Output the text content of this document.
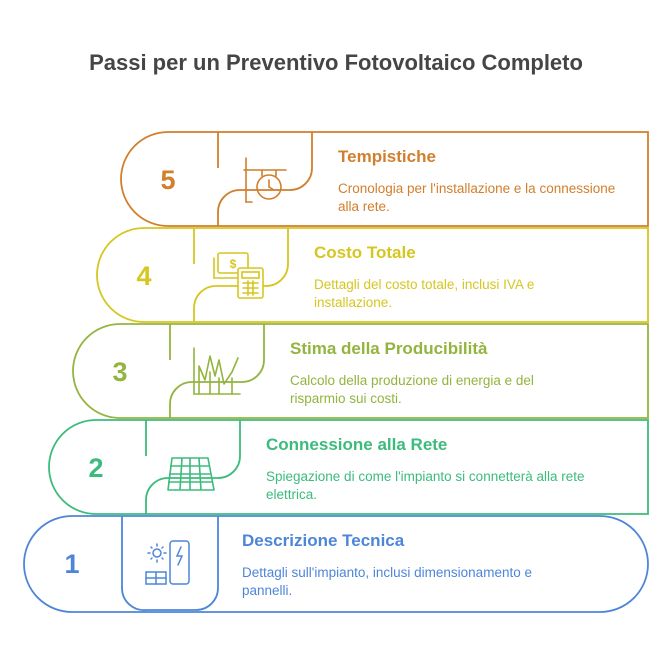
Passi per un Preventivo Fotovoltaico Completo
$
5
Tempistiche
Cronologia per l'installazione e la connessione alla rete.
4
Costo Totale
Dettagli del costo totale, inclusi IVA e installazione.
3
Stima della Producibilità
Calcolo della produzione di energia e del risparmio sui costi.
2
Connessione alla Rete
Spiegazione di come l'impianto si connetterà alla rete elettrica.
1
Descrizione Tecnica
Dettagli sull'impianto, inclusi dimensionamento e pannelli.
